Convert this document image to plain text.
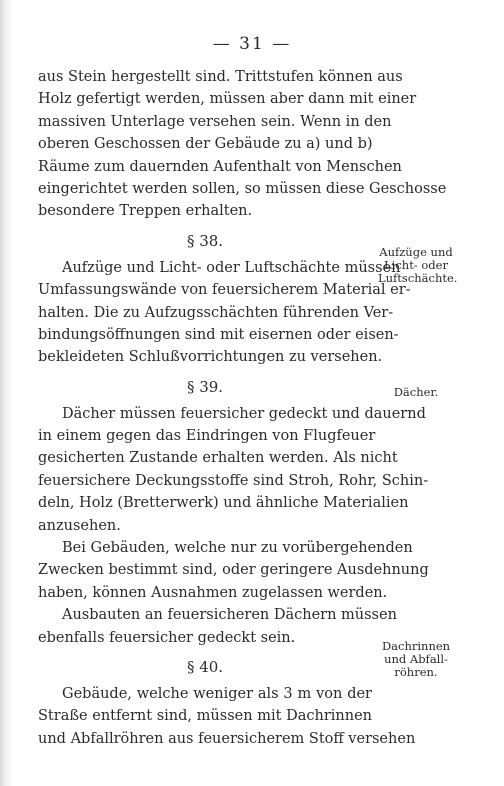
— 31 —
aus Stein hergestellt sind. Trittstufen können aus
Holz gefertigt werden, müssen aber dann mit einer
massiven Unterlage versehen sein. Wenn in den
oberen Geschossen der Gebäude zu a) und b)
Räume zum dauernden Aufenthalt von Menschen
eingerichtet werden sollen, so müssen diese Geschosse
besondere Treppen erhalten.
§ 38.
Aufzüge und Licht- oder Luftschächte müssen
Umfassungswände von feuersicherem Material er-
halten. Die zu Aufzugsschächten führenden Ver-
bindungsöffnungen sind mit eisernen oder eisen-
bekleideten Schlußvorrichtungen zu versehen.
§ 39.
Dächer müssen feuersicher gedeckt und dauernd
in einem gegen das Eindringen von Flugfeuer
gesicherten Zustande erhalten werden. Als nicht
feuersichere Deckungsstoffe sind Stroh, Rohr, Schin-
deln, Holz (Bretterwerk) und ähnliche Materialien
anzusehen.
Bei Gebäuden, welche nur zu vorübergehenden
Zwecken bestimmt sind, oder geringere Ausdehnung
haben, können Ausnahmen zugelassen werden.
Ausbauten an feuersicheren Dächern müssen
ebenfalls feuersicher gedeckt sein.
§ 40.
Gebäude, welche weniger als 3 m von der
Straße entfernt sind, müssen mit Dachrinnen
und Abfallröhren aus feuersicherem Stoff versehen
Aufzüge und
Licht- oder
Luftschächte.
Dächer.
Dachrinnen
und Abfall-
röhren.
